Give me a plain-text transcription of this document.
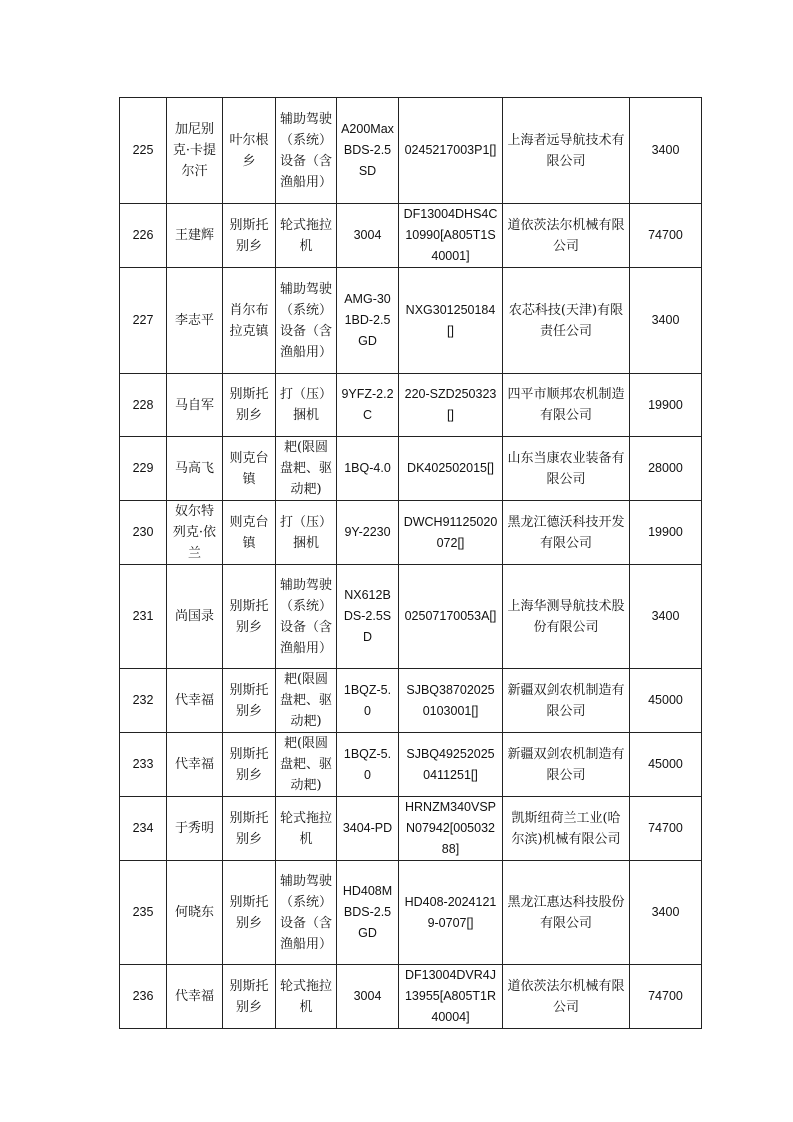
225	加尼别克·卡提尔汗	叶尔根乡	辅助驾驶（系统）设备（含渔船用）	A200MaxBDS-2.5SD	0245217003P1[]	上海者远导航技术有限公司	3400
226	王建辉	别斯托别乡	轮式拖拉机	3004	DF13004DHS4C10990[A805T1S40001]	道依茨法尔机械有限公司	74700
227	李志平	肖尔布拉克镇	辅助驾驶（系统）设备（含渔船用）	AMG-301BD-2.5GD	NXG301250184[]	农芯科技(天津)有限责任公司	3400
228	马自军	别斯托别乡	打（压）捆机	9YFZ-2.2C	220-SZD250323[]	四平市顺邦农机制造有限公司	19900
229	马高飞	则克台镇	耙(限圆盘耙、驱动耙)	1BQ-4.0	DK402502015[]	山东当康农业装备有限公司	28000
230	奴尔特列克·依兰	则克台镇	打（压）捆机	9Y-2230	DWCH91125020072[]	黑龙江德沃科技开发有限公司	19900
231	尚国录	别斯托别乡	辅助驾驶（系统）设备（含渔船用）	NX612BDS-2.5SD	02507170053A[]	上海华测导航技术股份有限公司	3400
232	代幸福	别斯托别乡	耙(限圆盘耙、驱动耙)	1BQZ-5.0	SJBQ387020250103001[]	新疆双剑农机制造有限公司	45000
233	代幸福	别斯托别乡	耙(限圆盘耙、驱动耙)	1BQZ-5.0	SJBQ492520250411251[]	新疆双剑农机制造有限公司	45000
234	于秀明	别斯托别乡	轮式拖拉机	3404-PD	HRNZM340VSPN07942[00503288]	凯斯纽荷兰工业(哈尔滨)机械有限公司	74700
235	何晓东	别斯托别乡	辅助驾驶（系统）设备（含渔船用）	HD408MBDS-2.5GD	HD408-20241219-0707[]	黑龙江惠达科技股份有限公司	3400
236	代幸福	别斯托别乡	轮式拖拉机	3004	DF13004DVR4J13955[A805T1R40004]	道依茨法尔机械有限公司	74700
